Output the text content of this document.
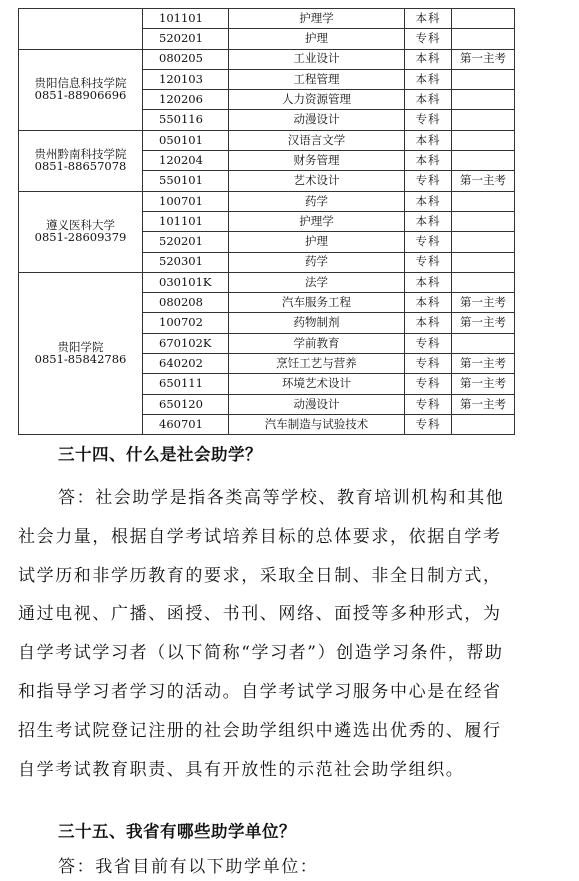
	101101	护理学	本科	
	520201	护理	专科	

贵阳信息科技学院
0851-88906696	080205	工业设计	本科	第一主考
	120103	工程管理	本科	
	120206	人力资源管理	本科	
	550116	动漫设计	专科	

贵州黔南科技学院
0851-88657078	050101	汉语言文学	本科	
	120204	财务管理	本科	
	550101	艺术设计	专科	第一主考

遵义医科大学
0851-28609379	100701	药学	本科	
	101101	护理学	本科	
	520201	护理	专科	
	520301	药学	专科	

贵阳学院
0851-85842786	030101K	法学	本科	
	080208	汽车服务工程	本科	第一主考
	100702	药物制剂	本科	第一主考
	670102K	学前教育	专科	
	640202	烹饪工艺与营养	专科	第一主考
	650111	环境艺术设计	专科	第一主考
	650120	动漫设计	专科	第一主考
	460701	汽车制造与试验技术	专科	
三十四、什么是社会助学？

答：社会助学是指各类高等学校、教育培训机构和其他社会力量，根据自学考试培养目标的总体要求，依据自学考试学历和非学历教育的要求，采取全日制、非全日制方式，通过电视、广播、函授、书刊、网络、面授等多种形式，为自学考试学习者（以下简称“学习者”）创造学习条件，帮助和指导学习者学习的活动。自学考试学习服务中心是在经省招生考试院登记注册的社会助学组织中遴选出优秀的、履行自学考试教育职责、具有开放性的示范社会助学组织。

三十五、我省有哪些助学单位？

答：我省目前有以下助学单位：
